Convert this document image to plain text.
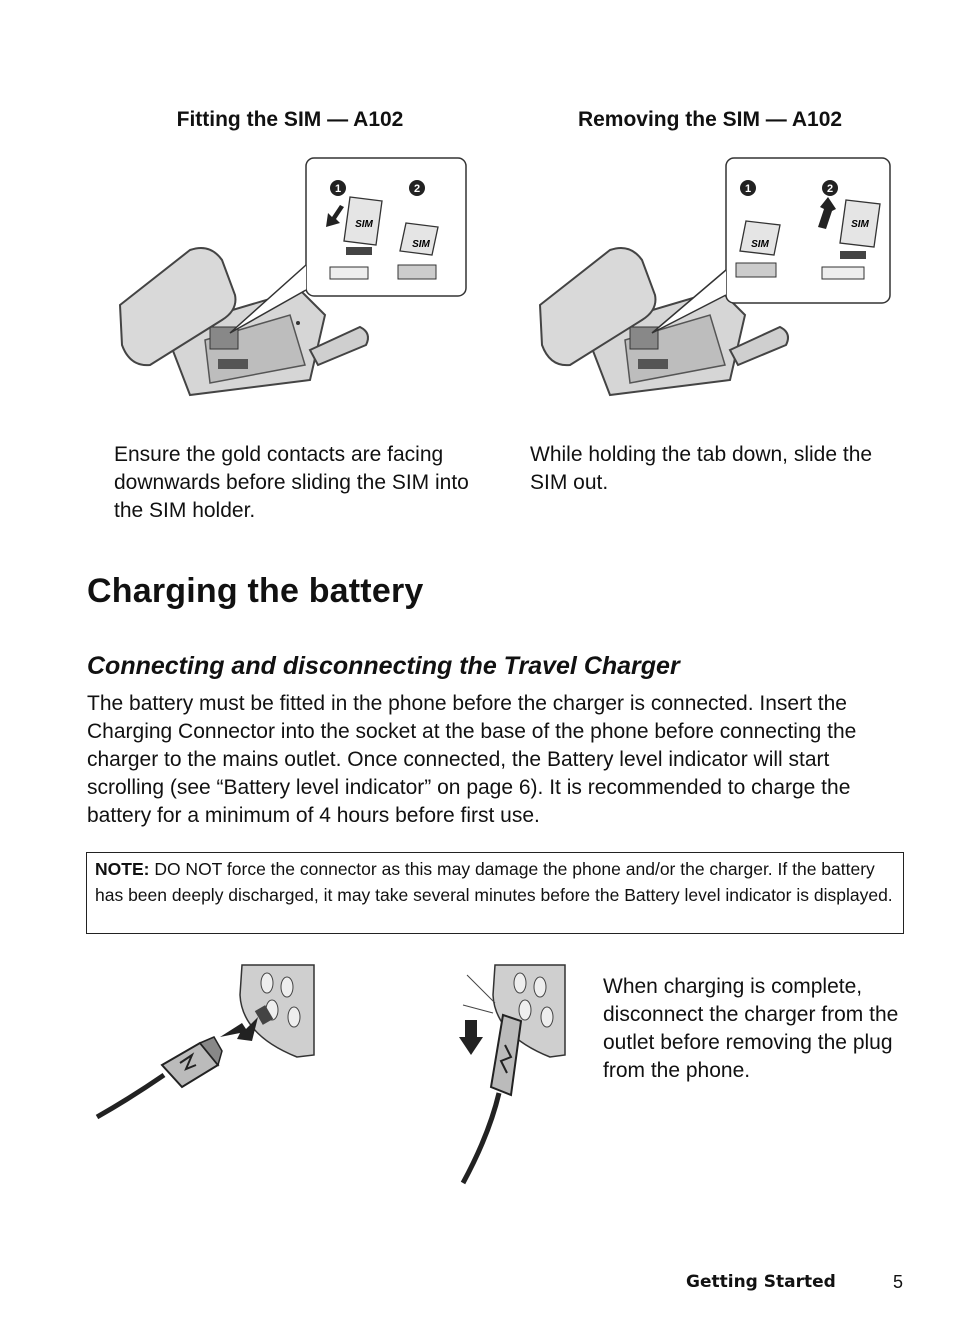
Fitting the SIM — A102	Removing the SIM — A102
1	2
SIM
SIM
1	2
SIM
SIM
Ensure the gold contacts are facing downwards before sliding the SIM into the SIM holder.
While holding the tab down, slide the SIM out.
Charging the battery
Connecting and disconnecting the Travel Charger
The battery must be fitted in the phone before the charger is connected. Insert the Charging Connector into the socket at the base of the phone before connecting the charger to the mains outlet. Once connected, the Battery level indicator will start scrolling (see “Battery level indicator” on page 6). It is recommended to charge the battery for a minimum of 4 hours before first use.
NOTE: DO NOT force the connector as this may damage the phone and/or the charger. If the battery has been deeply discharged, it may take several minutes before the Battery level indicator is displayed.
When charging is complete, disconnect the charger from the outlet before removing the plug from the phone.
Getting Started	5
